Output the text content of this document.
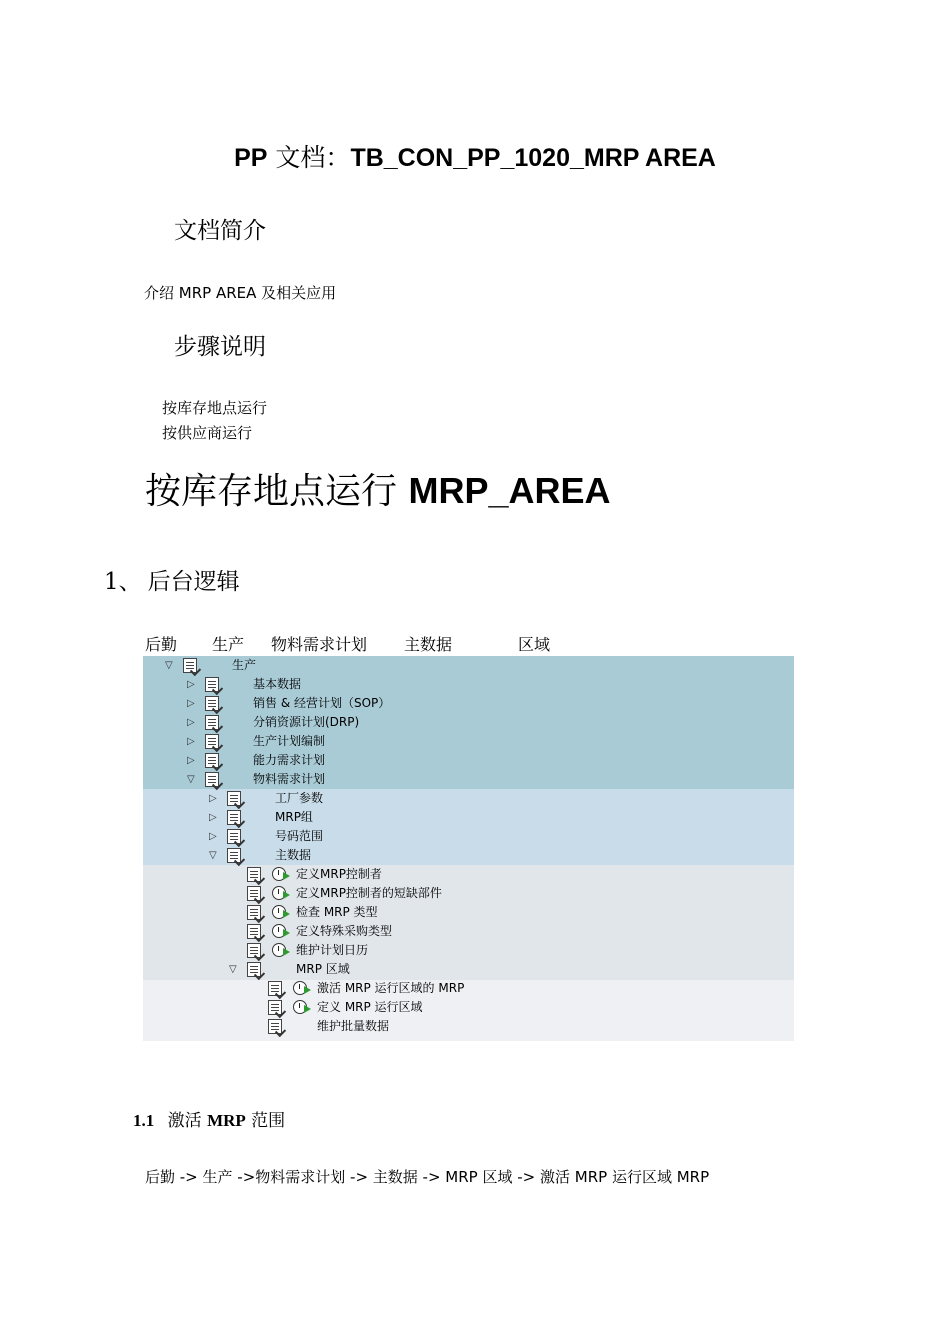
PP 文档：TB_CON_PP_1020_MRP AREA
文档简介
介绍 MRP AREA 及相关应用
步骤说明
按库存地点运行
按供应商运行
按库存地点运行 MRP_AREA
1、 后台逻辑
后勤 生产 物料需求计划 主数据	区域
▽	生产
▷	基本数据
▷	销售 & 经营计划（SOP）
▷	分销资源计划(DRP)
▷	生产计划编制
▷	能力需求计划
▽	物料需求计划
▷	工厂参数
▷	MRP组
▷	号码范围
▽	主数据
定义MRP控制者
定义MRP控制者的短缺部件
检查 MRP 类型
定义特殊采购类型
维护计划日历
▽	MRP 区域
激活 MRP 运行区域的 MRP
定义 MRP 运行区域
维护批量数据
1.1 激活 MRP 范围
后勤 -> 生产 ->物料需求计划 -> 主数据 -> MRP 区域 -> 激活 MRP 运行区域 MRP
